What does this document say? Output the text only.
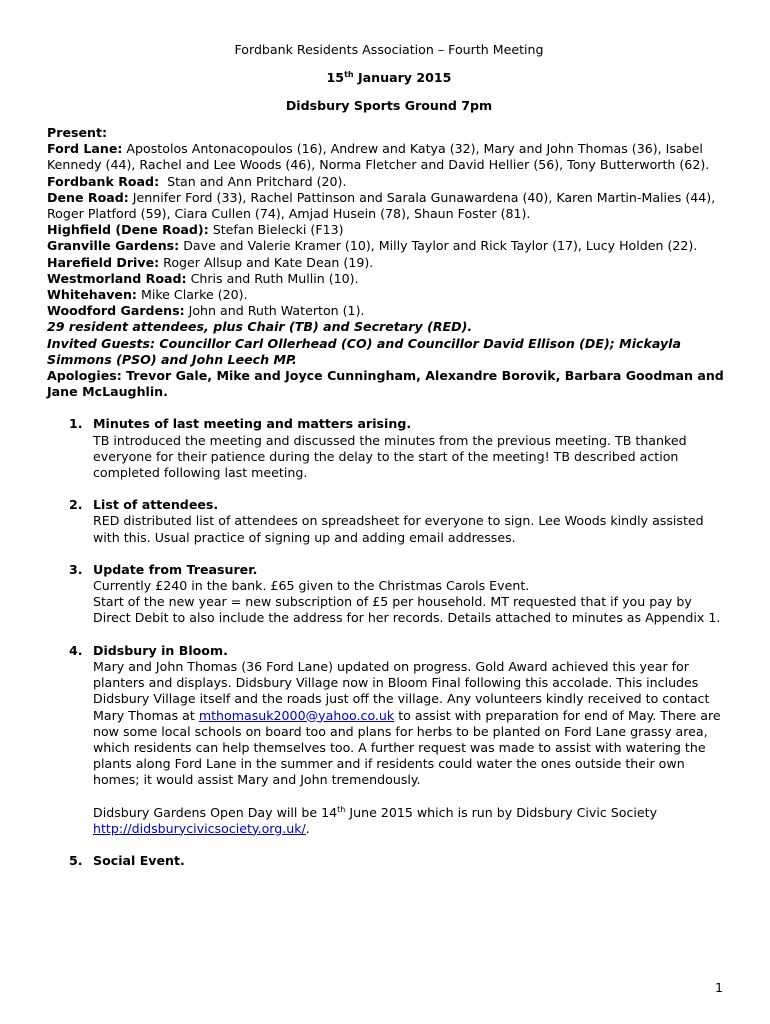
Fordbank Residents Association – Fourth Meeting
15th January 2015
Didsbury Sports Ground 7pm

Present:

Ford Lane: Apostolos Antonacopoulos (16), Andrew and Katya (32), Mary and John Thomas (36), Isabel Kennedy (44), Rachel and Lee Woods (46), Norma Fletcher and David Hellier (56), Tony Butterworth (62).

Fordbank Road:  Stan and Ann Pritchard (20).

Dene Road: Jennifer Ford (33), Rachel Pattinson and Sarala Gunawardena (40), Karen Martin-Malies (44), Roger Platford (59), Ciara Cullen (74), Amjad Husein (78), Shaun Foster (81).

Highfield (Dene Road): Stefan Bielecki (F13)

Granville Gardens: Dave and Valerie Kramer (10), Milly Taylor and Rick Taylor (17), Lucy Holden (22).

Harefield Drive: Roger Allsup and Kate Dean (19).

Westmorland Road: Chris and Ruth Mullin (10).

Whitehaven: Mike Clarke (20).

Woodford Gardens: John and Ruth Waterton (1).

29 resident attendees, plus Chair (TB) and Secretary (RED).

Invited Guests: Councillor Carl Ollerhead (CO) and Councillor David Ellison (DE); Mickayla Simmons (PSO) and John Leech MP.

Apologies: Trevor Gale, Mike and Joyce Cunningham, Alexandre Borovik, Barbara Goodman and Jane McLaughlin.

1. Minutes of last meeting and matters arising.

TB introduced the meeting and discussed the minutes from the previous meeting. TB thanked everyone for their patience during the delay to the start of the meeting! TB described action completed following last meeting.

2. List of attendees.

RED distributed list of attendees on spreadsheet for everyone to sign. Lee Woods kindly assisted with this. Usual practice of signing up and adding email addresses.

3. Update from Treasurer.

Currently £240 in the bank. £65 given to the Christmas Carols Event.

Start of the new year = new subscription of £5 per household. MT requested that if you pay by Direct Debit to also include the address for her records. Details attached to minutes as Appendix 1.

4. Didsbury in Bloom.

Mary and John Thomas (36 Ford Lane) updated on progress. Gold Award achieved this year for planters and displays. Didsbury Village now in Bloom Final following this accolade. This includes Didsbury Village itself and the roads just off the village. Any volunteers kindly received to contact Mary Thomas at mthomasuk2000@yahoo.co.uk to assist with preparation for end of May. There are now some local schools on board too and plans for herbs to be planted on Ford Lane grassy area, which residents can help themselves too. A further request was made to assist with watering the plants along Ford Lane in the summer and if residents could water the ones outside their own homes; it would assist Mary and John tremendously.

Didsbury Gardens Open Day will be 14th June 2015 which is run by Didsbury Civic Society http://didsburycivicsociety.org.uk/.

5. Social Event.
1
